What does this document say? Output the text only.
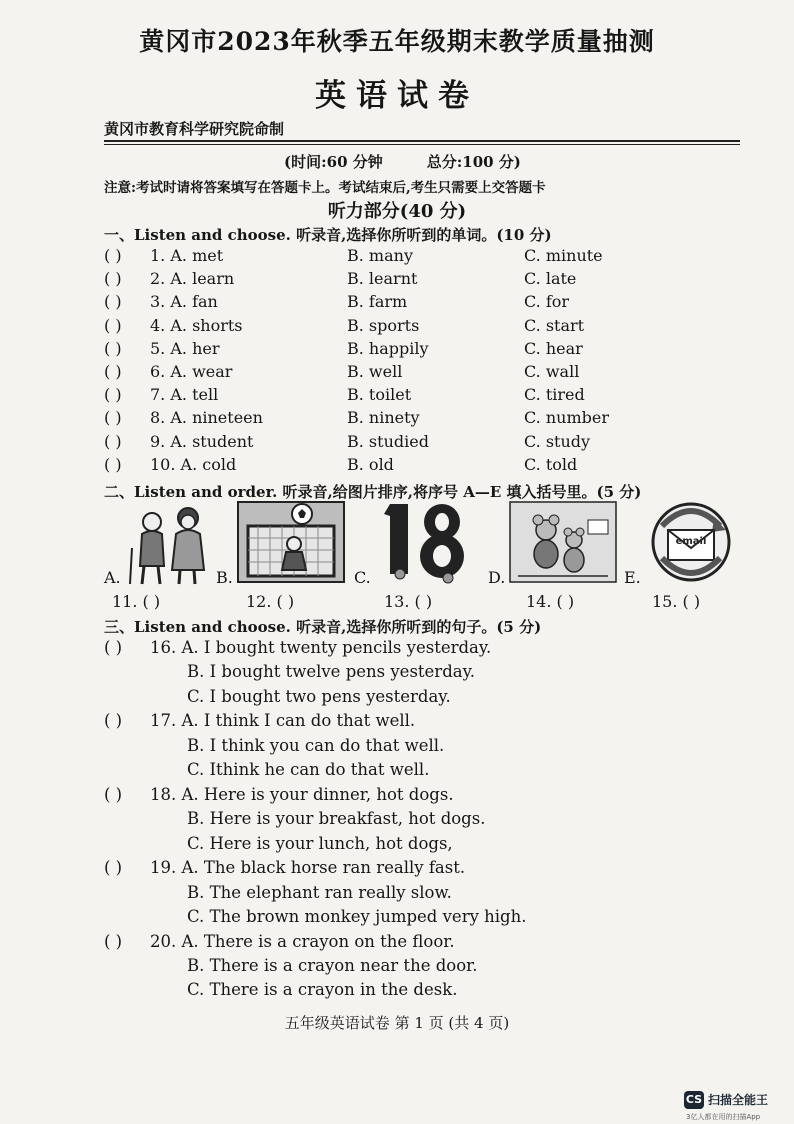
黄冈市2023年秋季五年级期末教学质量抽测
英语试卷
黄冈市教育科学研究院命制
(时间:60 分钟	总分:100 分)
注意:考试时请将答案填写在答题卡上。考试结束后,考生只需要上交答题卡
听力部分(40 分)
一、Listen and choose. 听录音,选择你所听到的单词。(10 分)
( ) 1. A. met	B. many	C. minute
( ) 2. A. learn	B. learnt	C. late
( ) 3. A. fan	B. farm	C. for
( ) 4. A. shorts	B. sports	C. start
( ) 5. A. her	B. happily	C. hear
( ) 6. A. wear	B. well	C. wall
( ) 7. A. tell	B. toilet	C. tired
( ) 8. A. nineteen	B. ninety	C. number
( ) 9. A. student	B. studied	C. study
( ) 10. A. cold	B. old	C. told
二、Listen and order. 听录音,给图片排序,将序号 A—E 填入括号里。(5 分)
A.	B.	C.	D.	E.
email
11. ( )	12. ( )	13. ( )	14. ( )	15. ( )
三、Listen and choose. 听录音,选择你所听到的句子。(5 分)
( ) 16. A. I bought twenty pencils yesterday.
B. I bought twelve pens yesterday.
C. I bought two pens yesterday.
( ) 17. A. I think I can do that well.
B. I think you can do that well.
C. Ithink he can do that well.
( ) 18. A. Here is your dinner, hot dogs.
B. Here is your breakfast, hot dogs.
C. Here is your lunch, hot dogs,
( ) 19. A. The black horse ran really fast.
B. The elephant ran really slow.
C. The brown monkey jumped very high.
( ) 20. A. There is a crayon on the floor.
B. There is a crayon near the door.
C. There is a crayon in the desk.
五年级英语试卷 第 1 页 (共 4 页)
CS 扫描全能王
3亿人都在用的扫描App
